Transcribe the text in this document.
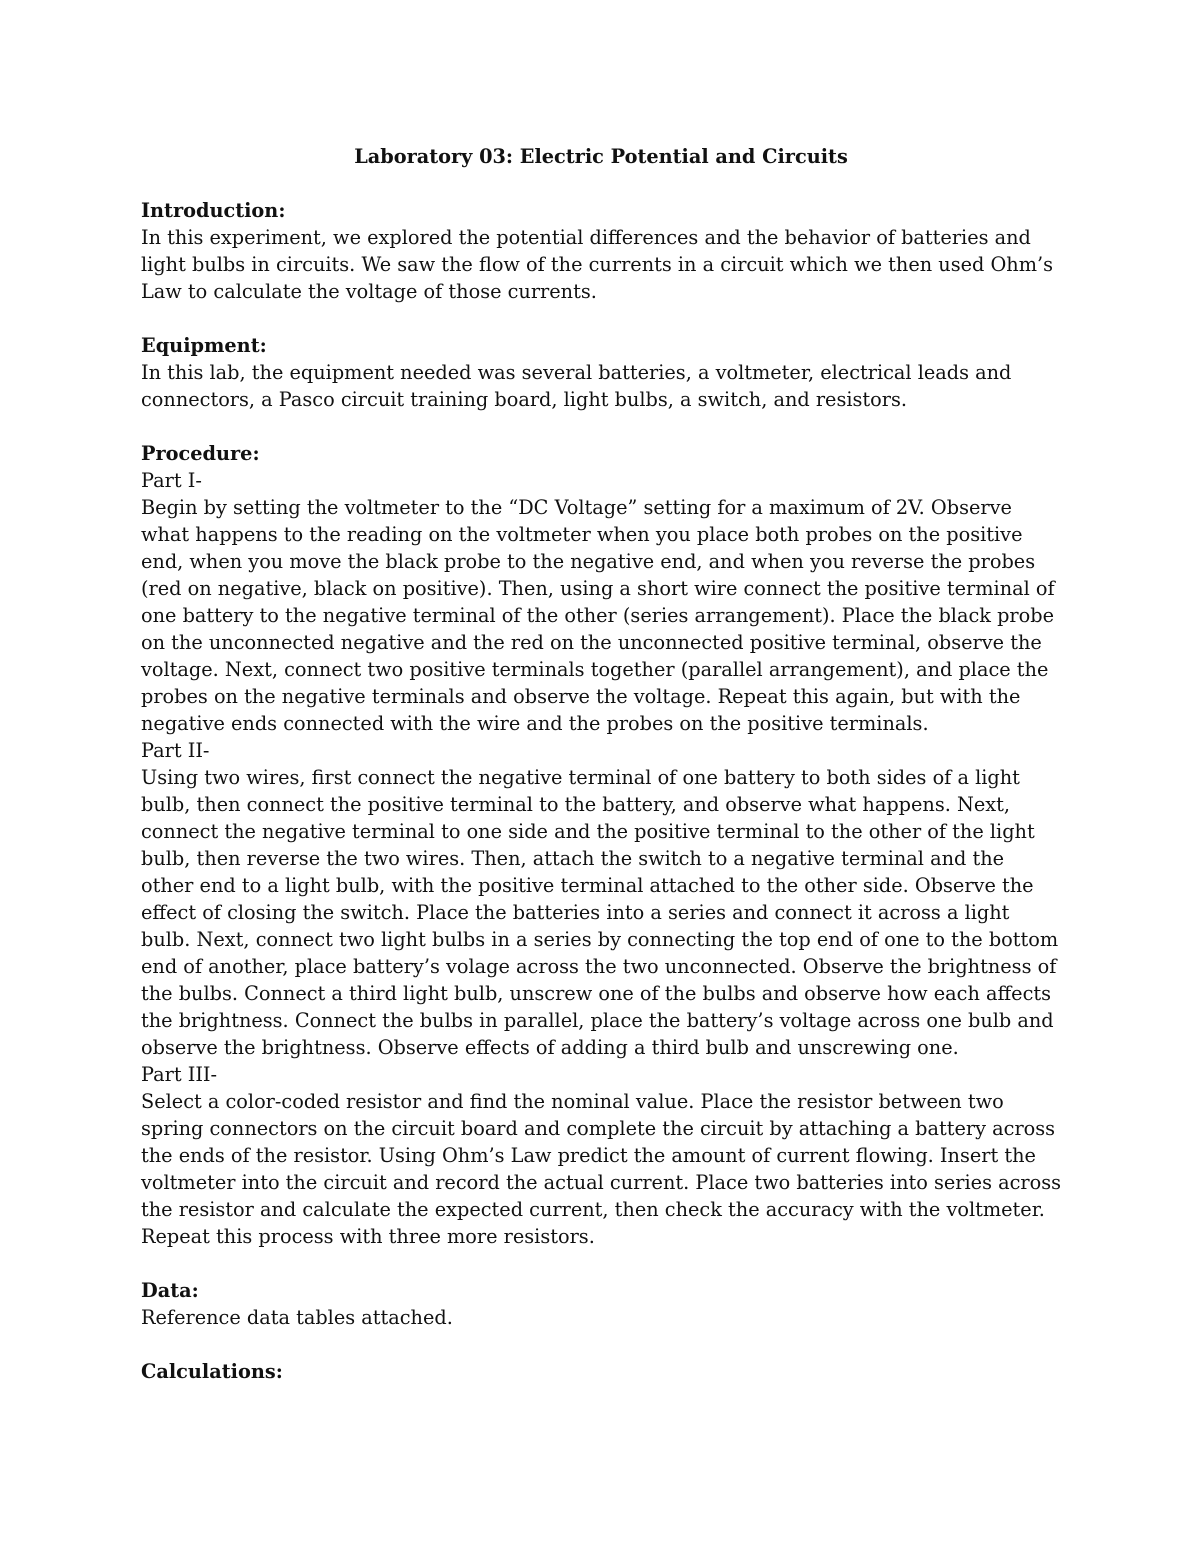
Laboratory 03: Electric Potential and Circuits

Introduction:

In this experiment, we explored the potential differences and the behavior of batteries and light bulbs in circuits. We saw the flow of the currents in a circuit which we then used Ohm’s Law to calculate the voltage of those currents.

Equipment:

In this lab, the equipment needed was several batteries, a voltmeter, electrical leads and connectors, a Pasco circuit training board, light bulbs, a switch, and resistors.

Procedure:

Part I-

Begin by setting the voltmeter to the “DC Voltage” setting for a maximum of 2V. Observe what happens to the reading on the voltmeter when you place both probes on the positive end, when you move the black probe to the negative end, and when you reverse the probes (red on negative, black on positive). Then, using a short wire connect the positive terminal of one battery to the negative terminal of the other (series arrangement). Place the black probe on the unconnected negative and the red on the unconnected positive terminal, observe the voltage. Next, connect two positive terminals together (parallel arrangement), and place the probes on the negative terminals and observe the voltage. Repeat this again, but with the negative ends connected with the wire and the probes on the positive terminals.

Part II-

Using two wires, first connect the negative terminal of one battery to both sides of a light bulb, then connect the positive terminal to the battery, and observe what happens. Next, connect the negative terminal to one side and the positive terminal to the other of the light bulb, then reverse the two wires. Then, attach the switch to a negative terminal and the other end to a light bulb, with the positive terminal attached to the other side. Observe the effect of closing the switch. Place the batteries into a series and connect it across a light bulb. Next, connect two light bulbs in a series by connecting the top end of one to the bottom end of another, place battery’s volage across the two unconnected. Observe the brightness of the bulbs. Connect a third light bulb, unscrew one of the bulbs and observe how each affects the brightness. Connect the bulbs in parallel, place the battery’s voltage across one bulb and observe the brightness. Observe effects of adding a third bulb and unscrewing one.

Part III-

Select a color-coded resistor and find the nominal value. Place the resistor between two spring connectors on the circuit board and complete the circuit by attaching a battery across the ends of the resistor. Using Ohm’s Law predict the amount of current flowing. Insert the voltmeter into the circuit and record the actual current. Place two batteries into series across the resistor and calculate the expected current, then check the accuracy with the voltmeter. Repeat this process with three more resistors.

Data:

Reference data tables attached.

Calculations:
